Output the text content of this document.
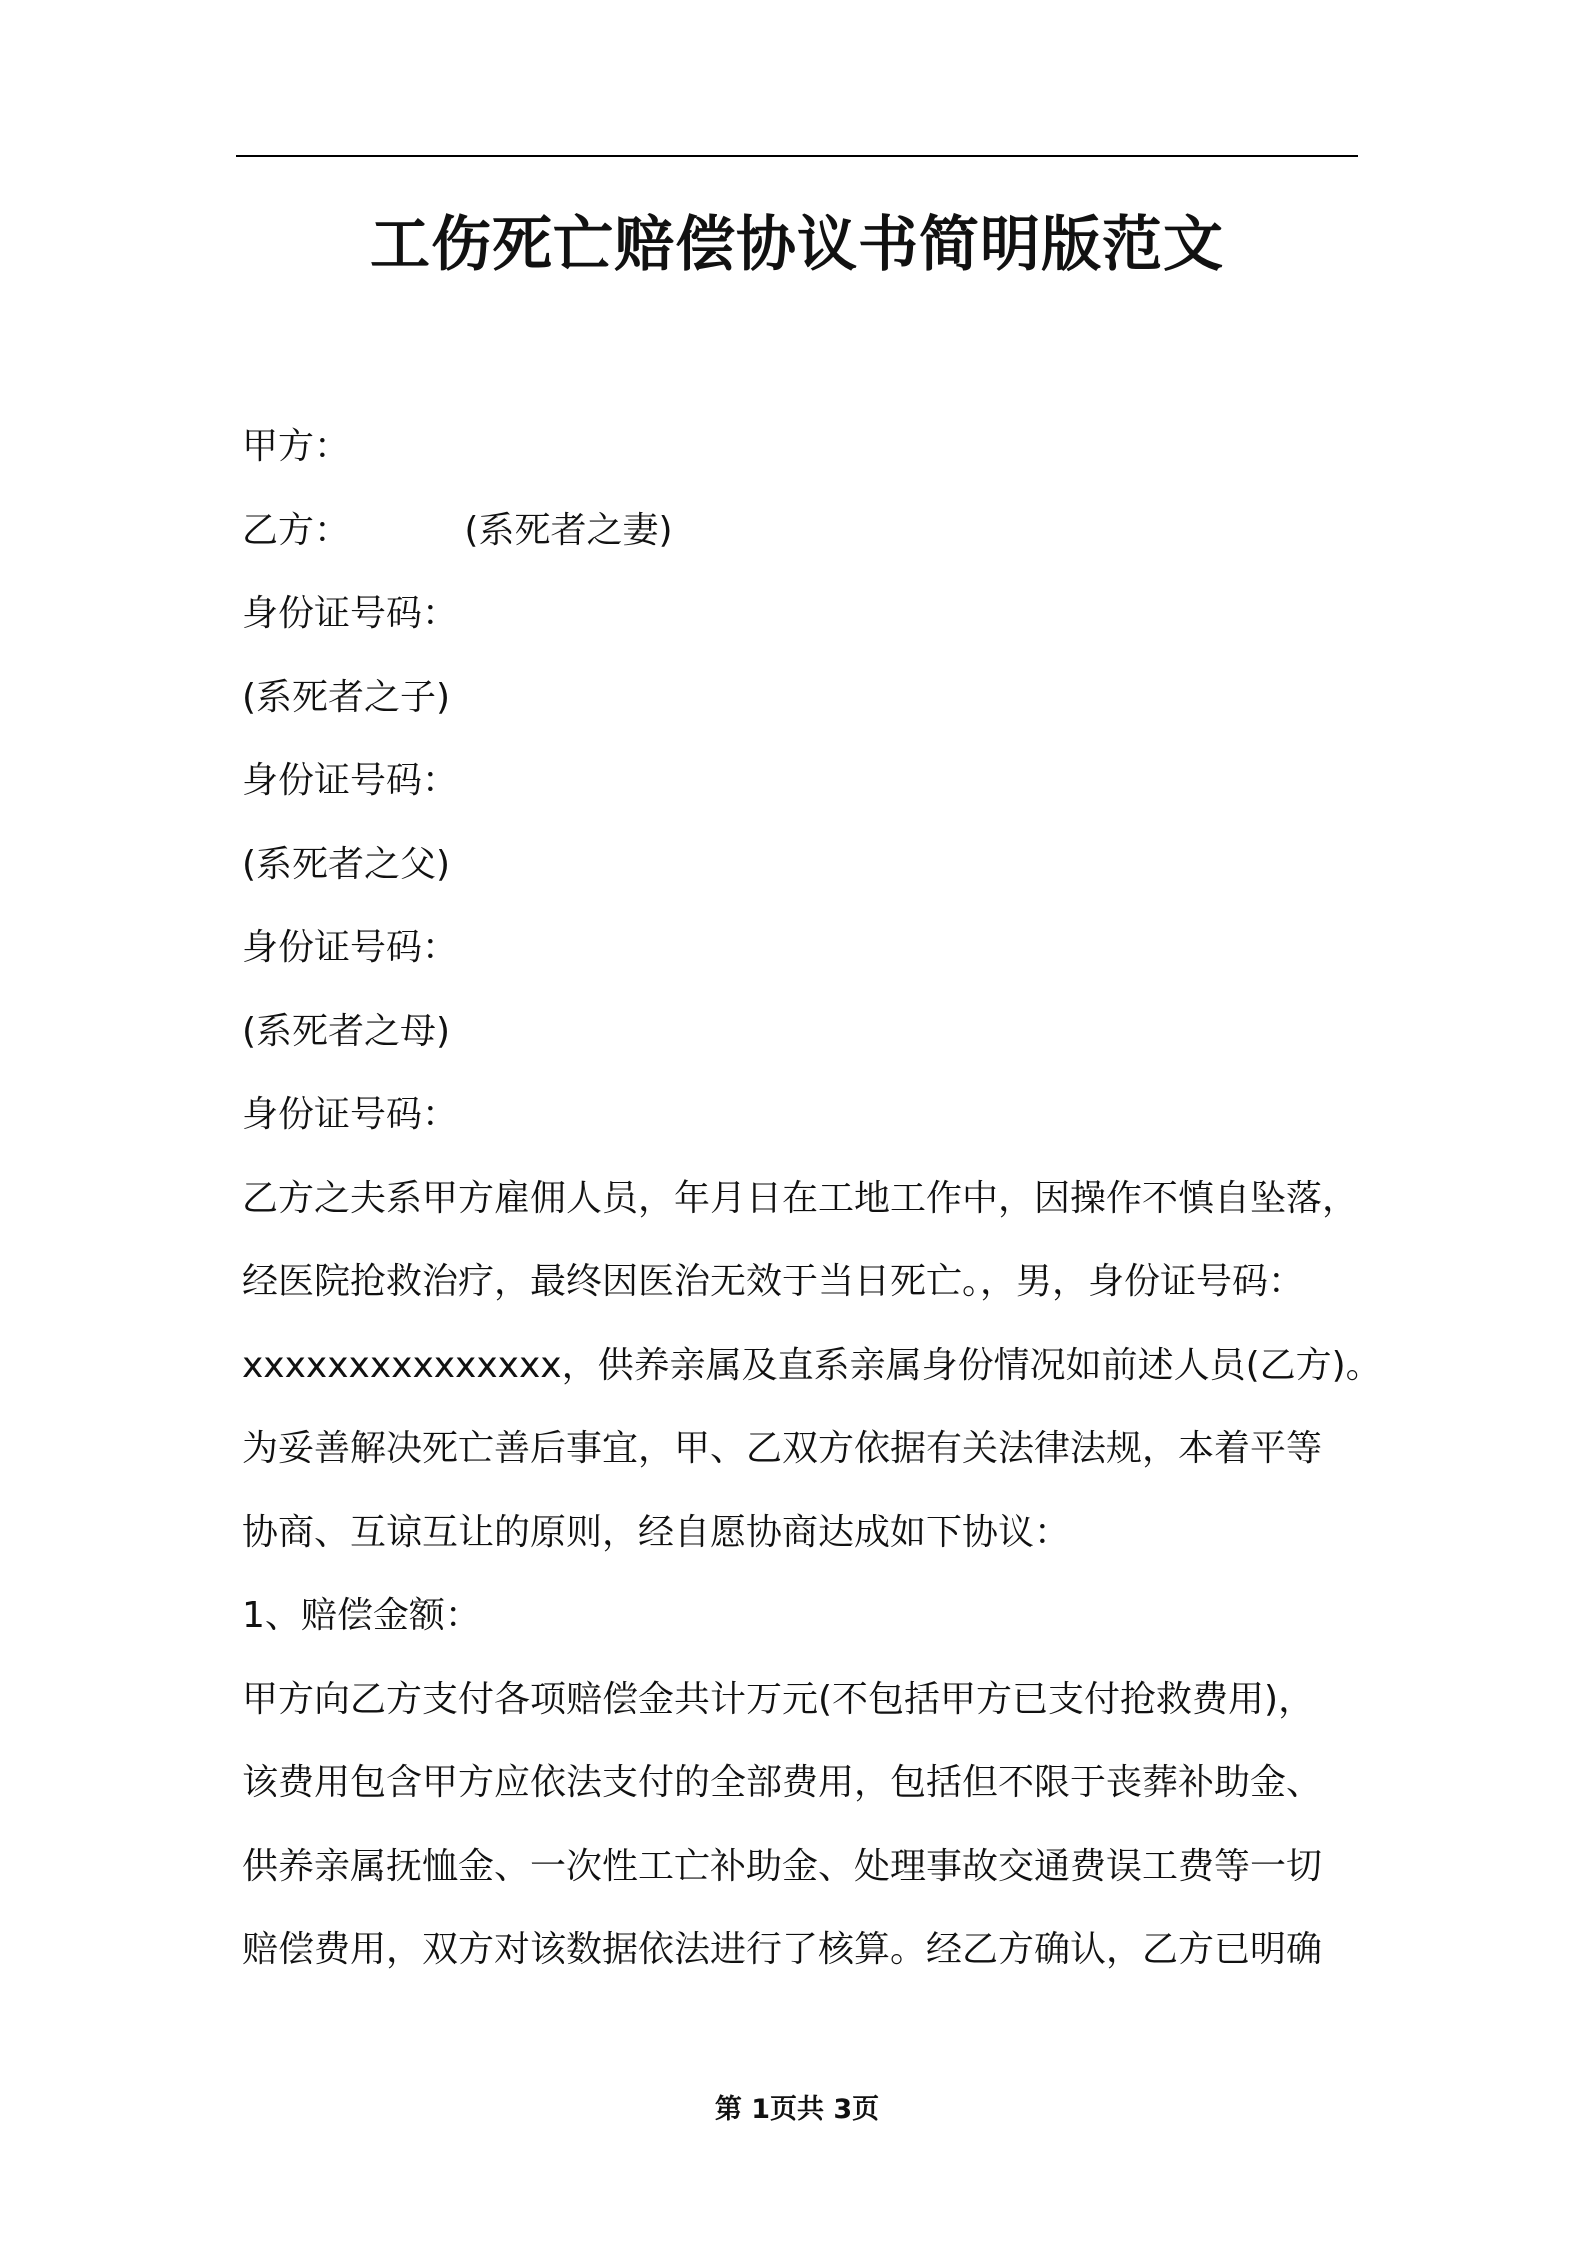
工伤死亡赔偿协议书简明版范文
甲方：
乙方：          (系死者之妻)
身份证号码：
(系死者之子)
身份证号码：
(系死者之父)
身份证号码：
(系死者之母)
身份证号码：
乙方之夫系甲方雇佣人员，年月日在工地工作中，因操作不慎自坠落，
经医院抢救治疗，最终因医治无效于当日死亡。，男，身份证号码：
xxxxxxxxxxxxxxx，供养亲属及直系亲属身份情况如前述人员(乙方)。
为妥善解决死亡善后事宜，甲、乙双方依据有关法律法规，本着平等
协商、互谅互让的原则，经自愿协商达成如下协议：
1、赔偿金额：
甲方向乙方支付各项赔偿金共计万元(不包括甲方已支付抢救费用)，
该费用包含甲方应依法支付的全部费用，包括但不限于丧葬补助金、
供养亲属抚恤金、一次性工亡补助金、处理事故交通费误工费等一切
赔偿费用，双方对该数据依法进行了核算。经乙方确认，乙方已明确
第 1页共 3页
